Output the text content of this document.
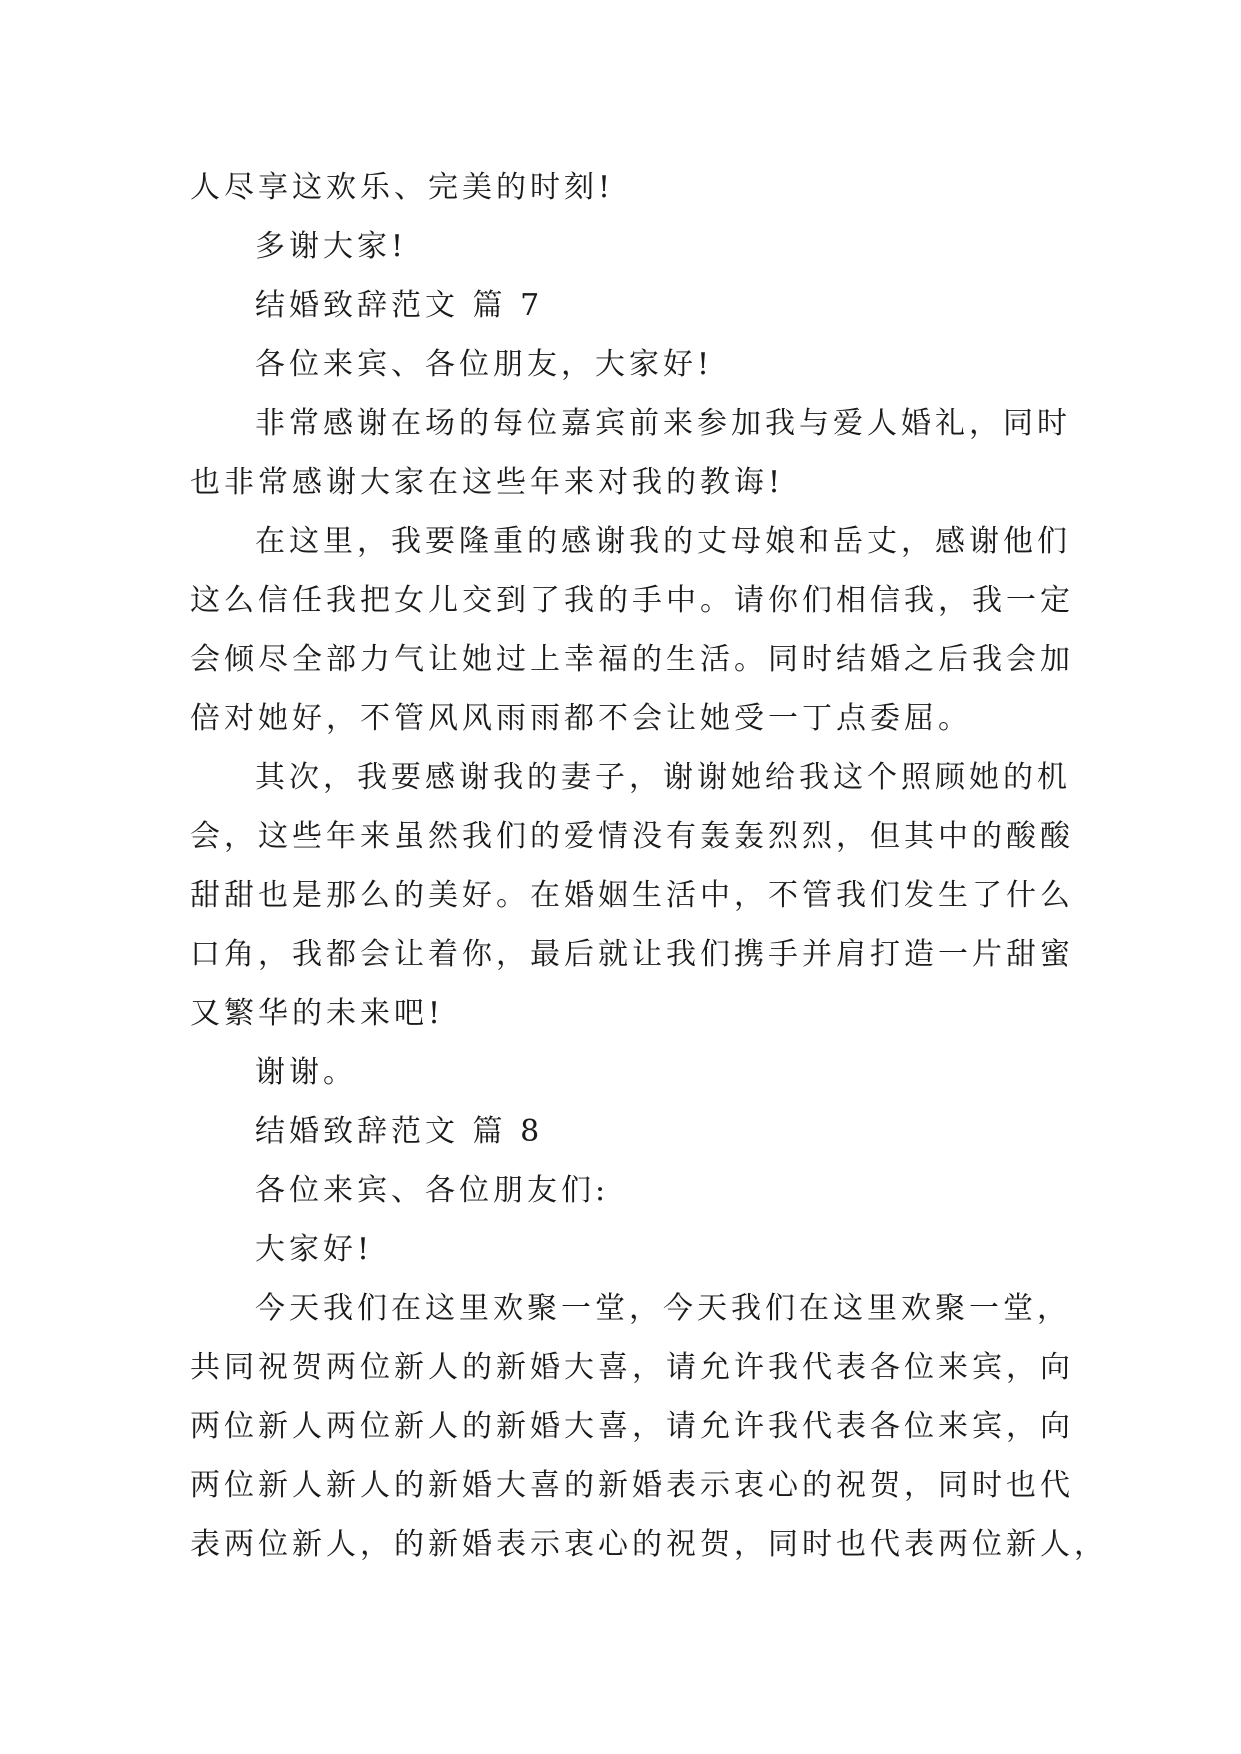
人尽享这欢乐、完美的时刻!
多谢大家!
结婚致辞范文 篇 7
各位来宾、各位朋友，大家好!
非常感谢在场的每位嘉宾前来参加我与爱人婚礼，同时
也非常感谢大家在这些年来对我的教诲!
在这里，我要隆重的感谢我的丈母娘和岳丈，感谢他们
这么信任我把女儿交到了我的手中。请你们相信我，我一定
会倾尽全部力气让她过上幸福的生活。同时结婚之后我会加
倍对她好，不管风风雨雨都不会让她受一丁点委屈。
其次，我要感谢我的妻子，谢谢她给我这个照顾她的机
会，这些年来虽然我们的爱情没有轰轰烈烈，但其中的酸酸
甜甜也是那么的美好。在婚姻生活中，不管我们发生了什么
口角，我都会让着你，最后就让我们携手并肩打造一片甜蜜
又繁华的未来吧!
谢谢。
结婚致辞范文 篇 8
各位来宾、各位朋友们:
大家好!
今天我们在这里欢聚一堂，今天我们在这里欢聚一堂，
共同祝贺两位新人的新婚大喜，请允许我代表各位来宾，向
两位新人两位新人的新婚大喜，请允许我代表各位来宾，向
两位新人新人的新婚大喜的新婚表示衷心的祝贺，同时也代
表两位新人，的新婚表示衷心的祝贺，同时也代表两位新人，
